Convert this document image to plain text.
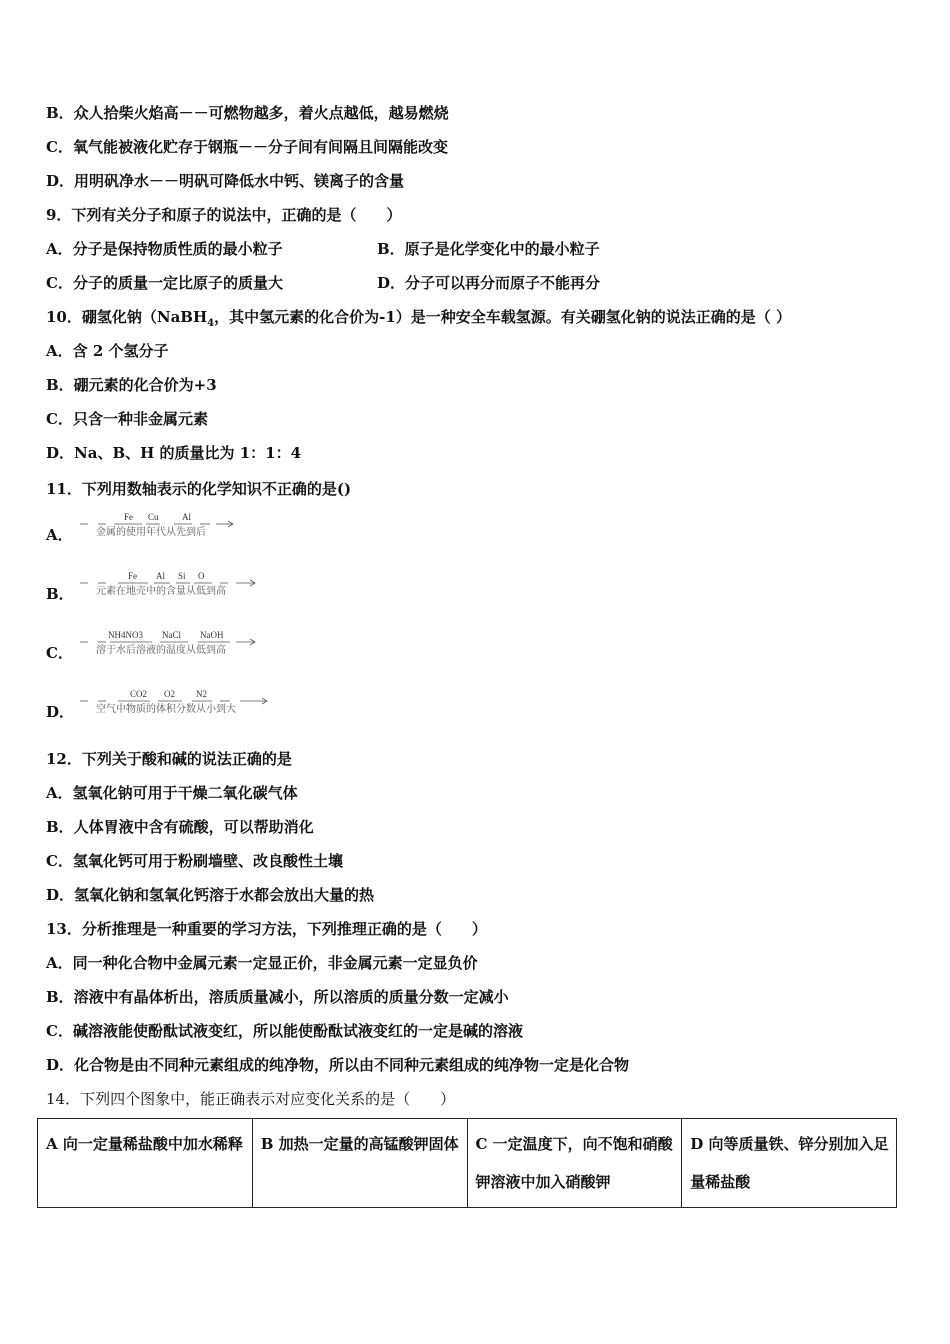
B．众人拾柴火焰高－－可燃物越多，着火点越低，越易燃烧
C．氧气能被液化贮存于钢瓶－－分子间有间隔且间隔能改变
D．用明矾净水－－明矾可降低水中钙、镁离子的含量
9．下列有关分子和原子的说法中，正确的是（　　）
A．分子是保持物质性质的最小粒子	B．原子是化学变化中的最小粒子
C．分子的质量一定比原子的质量大	D．分子可以再分而原子不能再分
10．硼氢化钠（NaBH$_4$，其中氢元素的化合价为-1）是一种安全车载氢源。有关硼氢化钠的说法正确的是（ ）
A．含 2 个氢分子
B．硼元素的化合价为+3
C．只含一种非金属元素
D．Na、B、H 的质量比为 1：1：4
11．下列用数轴表示的化学知识不正确的是()
A．
Fe Cu	Al
金属的使用年代从先到后
B．
Fe Al Si O
元素在地壳中的含量从低到高
C．
NH4NO3 NaCl NaOH
溶于水后溶液的温度从低到高
D．
CO2 O2 N2
空气中物质的体积分数从小到大
12．下列关于酸和碱的说法正确的是
A．氢氧化钠可用于干燥二氧化碳气体
B．人体胃液中含有硫酸，可以帮助消化
C．氢氧化钙可用于粉刷墙壁、改良酸性土壤
D．氢氧化钠和氢氧化钙溶于水都会放出大量的热
13．分析推理是一种重要的学习方法，下列推理正确的是（　　）
A．同一种化合物中金属元素一定显正价，非金属元素一定显负价
B．溶液中有晶体析出，溶质质量减小，所以溶质的质量分数一定减小
C．碱溶液能使酚酞试液变红，所以能使酚酞试液变红的一定是碱的溶液
D．化合物是由不同种元素组成的纯净物，所以由不同种元素组成的纯净物一定是化合物
14．下列四个图象中，能正确表示对应变化关系的是（　　）
A 向一定量稀盐酸中加水稀释	B 加热一定量的高锰酸钾固体	C 一定温度下，向不饱和硝酸钾溶液中加入硝酸钾	D 向等质量铁、锌分别加入足量稀盐酸
